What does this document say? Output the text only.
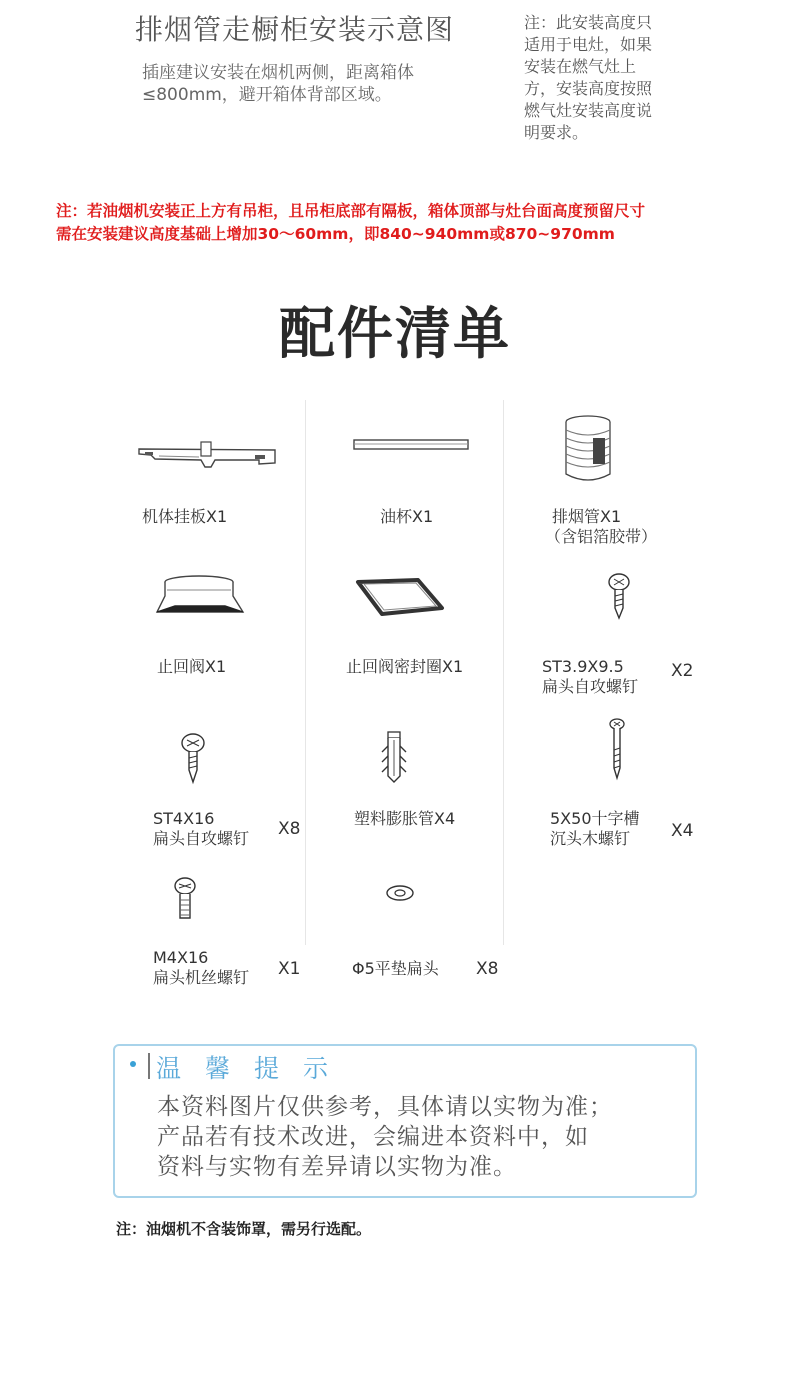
排烟管走橱柜安装示意图
插座建议安装在烟机两侧，距离箱体≤800mm，避开箱体背部区域。
注：此安装高度只适用于电灶，如果安装在燃气灶上方，安装高度按照燃气灶安装高度说明要求。
注：若油烟机安装正上方有吊柜，且吊柜底部有隔板，箱体顶部与灶台面高度预留尺寸
需在安装建议高度基础上增加30～60mm，即840~940mm或870~970mm
配件清单
机体挂板X1	油杯X1	排烟管X1
（含铝箔胶带）
止回阀X1	止回阀密封圈X1	ST3.9X9.5
扁头自攻螺钉
X2
ST4X16
扁头自攻螺钉 X8
塑料膨胀管X4	5X50十字槽
沉头木螺钉 X4
M4X16
扁头机丝螺钉 X1	Φ5平垫扁头 X8
温馨提示
本资料图片仅供参考，具体请以实物为准；
产品若有技术改进，会编进本资料中，如
资料与实物有差异请以实物为准。
注：油烟机不含装饰罩，需另行选配。
